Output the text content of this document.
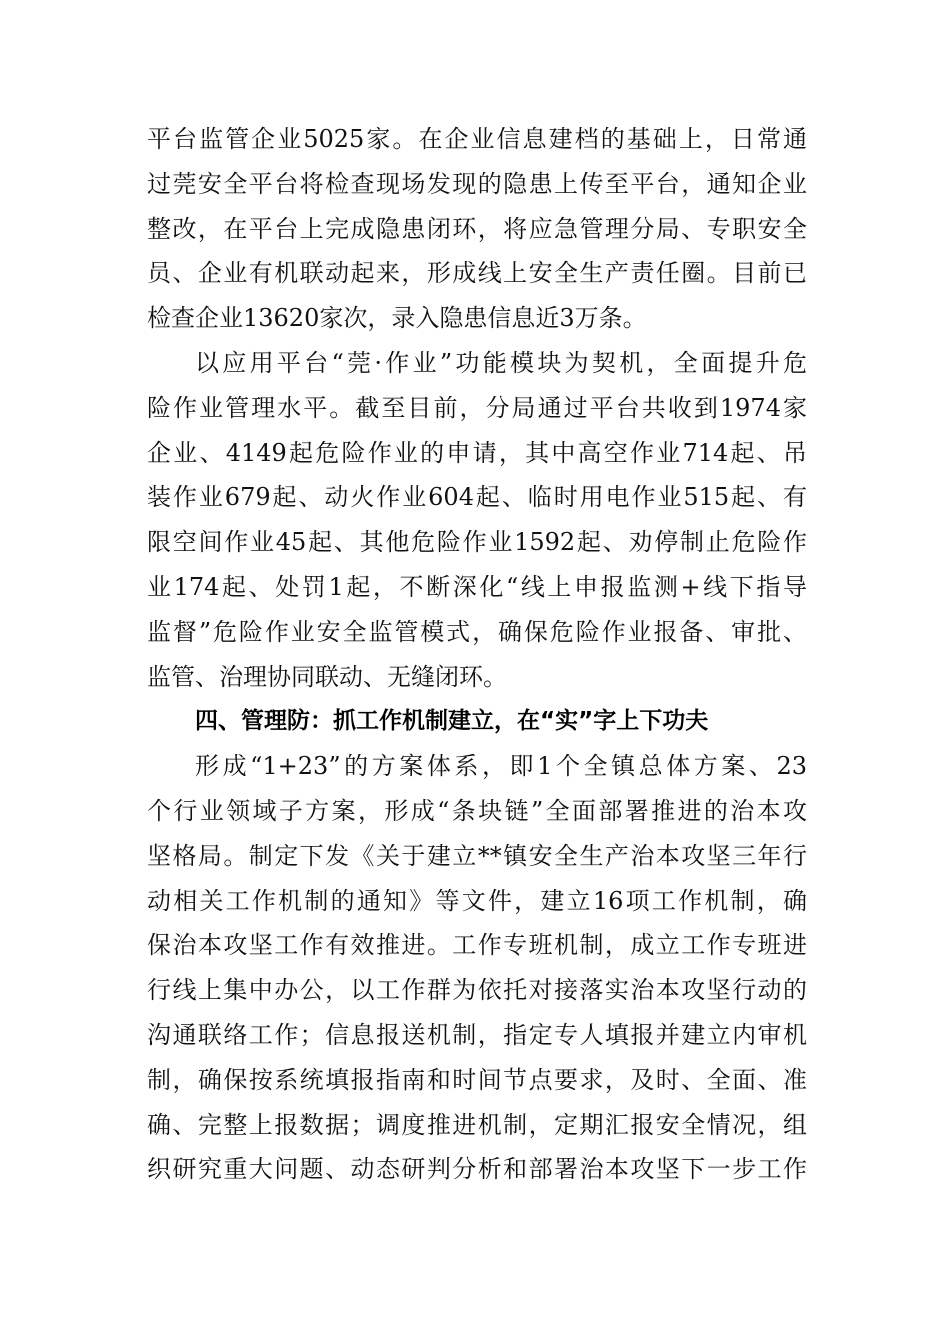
平台监管企业5025家。在企业信息建档的基础上，日常通
过莞安全平台将检查现场发现的隐患上传至平台，通知企业
整改，在平台上完成隐患闭环，将应急管理分局、专职安全
员、企业有机联动起来，形成线上安全生产责任圈。目前已
检查企业13620家次，录入隐患信息近3万条。
以应用平台“莞·作业”功能模块为契机，全面提升危
险作业管理水平。截至目前，分局通过平台共收到1974家
企业、4149起危险作业的申请，其中高空作业714起、吊
装作业679起、动火作业604起、临时用电作业515起、有
限空间作业45起、其他危险作业1592起、劝停制止危险作
业174起、处罚1起，不断深化“线上申报监测+线下指导
监督”危险作业安全监管模式，确保危险作业报备、审批、
监管、治理协同联动、无缝闭环。
四、管理防：抓工作机制建立，在“实”字上下功夫
形成“1+23”的方案体系，即1个全镇总体方案、23
个行业领域子方案，形成“条块链”全面部署推进的治本攻
坚格局。制定下发《关于建立**镇安全生产治本攻坚三年行
动相关工作机制的通知》等文件，建立16项工作机制，确
保治本攻坚工作有效推进。工作专班机制，成立工作专班进
行线上集中办公，以工作群为依托对接落实治本攻坚行动的
沟通联络工作；信息报送机制，指定专人填报并建立内审机
制，确保按系统填报指南和时间节点要求，及时、全面、准
确、完整上报数据；调度推进机制，定期汇报安全情况，组
织研究重大问题、动态研判分析和部署治本攻坚下一步工作
